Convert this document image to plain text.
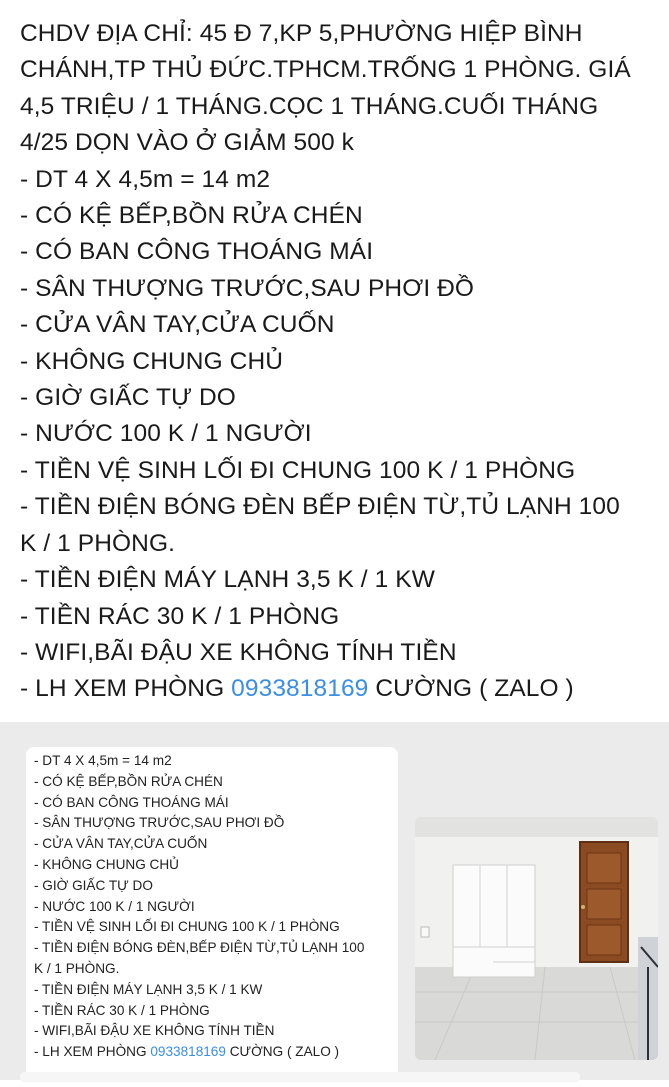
CHDV ĐỊA CHỈ: 45 Đ 7,KP 5,PHƯỜNG HIỆP BÌNH
CHÁNH,TP THỦ ĐỨC.TPHCM.TRỐNG 1 PHÒNG. GIÁ
4,5 TRIỆU / 1 THÁNG.CỌC 1 THÁNG.CUỐI THÁNG
4/25 DỌN VÀO Ở GIẢM 500 k
- DT 4 X 4,5m = 14 m2
- CÓ KỆ BẾP,BỒN RỬA CHÉN
- CÓ BAN CÔNG THOÁNG MÁI
- SÂN THƯỢNG TRƯỚC,SAU PHƠI ĐỒ
- CỬA VÂN TAY,CỬA CUỐN
- KHÔNG CHUNG CHỦ
- GIỜ GIẤC TỰ DO
- NƯỚC 100 K / 1 NGƯỜI
- TIỀN VỆ SINH LỐI ĐI CHUNG 100 K / 1 PHÒNG
- TIỀN ĐIỆN BÓNG ĐÈN BẾP ĐIỆN TỪ,TỦ LẠNH 100
K / 1 PHÒNG.
- TIỀN ĐIỆN MÁY LẠNH 3,5 K / 1 KW
- TIỀN RÁC 30 K / 1 PHÒNG
- WIFI,BÃI ĐẬU XE KHÔNG TÍNH TIỀN
- LH XEM PHÒNG 0933818169 CƯỜNG ( ZALO )
- DT 4 X 4,5m = 14 m2
- CÓ KỆ BẾP,BỒN RỬA CHÉN
- CÓ BAN CÔNG THOÁNG MÁI
- SÂN THƯỢNG TRƯỚC,SAU PHƠI ĐỒ
- CỬA VÂN TAY,CỬA CUỐN
- KHÔNG CHUNG CHỦ
- GIỜ GIẤC TỰ DO
- NƯỚC 100 K / 1 NGƯỜI
- TIỀN VỆ SINH LỐI ĐI CHUNG 100 K / 1 PHÒNG
- TIỀN ĐIỆN BÓNG ĐÈN,BẾP ĐIỆN TỪ,TỦ LẠNH 100
K / 1 PHÒNG.
- TIỀN ĐIỆN MÁY LẠNH 3,5 K / 1 KW
- TIỀN RÁC 30 K / 1 PHÒNG
- WIFI,BÃI ĐẬU XE KHÔNG TÍNH TIỀN
- LH XEM PHÒNG 0933818169 CƯỜNG ( ZALO )
